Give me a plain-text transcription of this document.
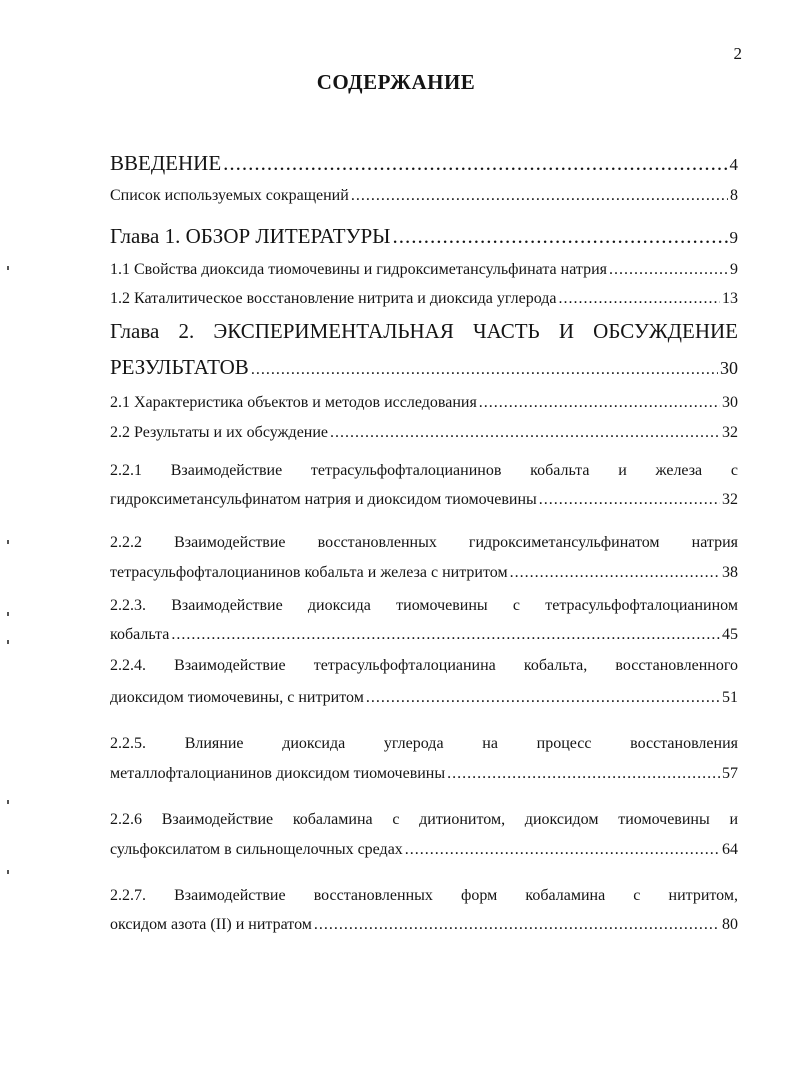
2
СОДЕРЖАНИЕ
ВВЕДЕНИЕ .....	4
Список используемых сокращений .....	8
Глава 1. ОБЗОР ЛИТЕРАТУРЫ .....	9
1.1 Свойства диоксида тиомочевины и гидроксиметансульфината натрия .....	9
1.2 Каталитическое восстановление нитрита и диоксида углерода .....	13
Глава 2. ЭКСПЕРИМЕНТАЛЬНАЯ ЧАСТЬ И ОБСУЖДЕНИЕ
РЕЗУЛЬТАТОВ .....	30
2.1 Характеристика объектов и методов исследования .....	30
2.2 Результаты и их обсуждение .....	32
2.2.1 Взаимодействие тетрасульфофталоцианинов кобальта и железа с
гидроксиметансульфинатом натрия и диоксидом тиомочевины .....	32
2.2.2 Взаимодействие восстановленных гидроксиметансульфинатом натрия
тетрасульфофталоцианинов кобальта и железа с нитритом .....	38
2.2.3. Взаимодействие диоксида тиомочевины с тетрасульфофталоцианином
кобальта .....	45
2.2.4. Взаимодействие тетрасульфофталоцианина кобальта, восстановленного
диоксидом тиомочевины, с нитритом .....	51
2.2.5. Влияние диоксида углерода на процесс восстановления
металлофталоцианинов диоксидом тиомочевины .....	57
2.2.6 Взаимодействие кобаламина с дитионитом, диоксидом тиомочевины и
сульфоксилатом в сильнощелочных средах .....	64
2.2.7. Взаимодействие восстановленных форм кобаламина с нитритом,
оксидом азота (II) и нитратом .....	80
